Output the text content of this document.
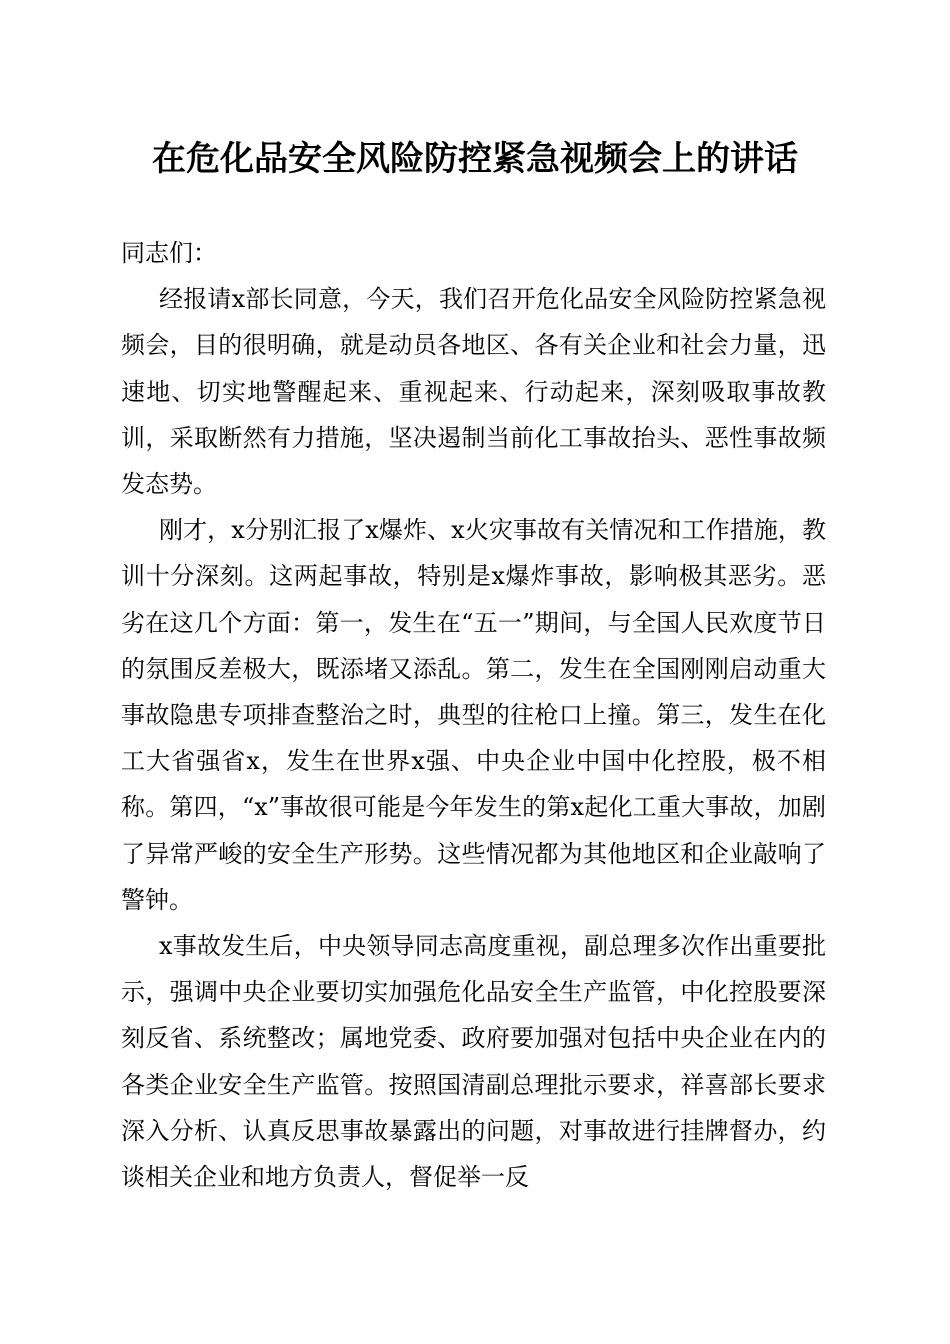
在危化品安全风险防控紧急视频会上的讲话

同志们：

经报请x部长同意，今天，我们召开危化品安全风险防控紧急视频会，目的很明确，就是动员各地区、各有关企业和社会力量，迅速地、切实地警醒起来、重视起来、行动起来，深刻吸取事故教训，采取断然有力措施，坚决遏制当前化工事故抬头、恶性事故频发态势。

刚才，x分别汇报了x爆炸、x火灾事故有关情况和工作措施，教训十分深刻。这两起事故，特别是x爆炸事故，影响极其恶劣。恶劣在这几个方面：第一，发生在“五一”期间，与全国人民欢度节日的氛围反差极大，既添堵又添乱。第二，发生在全国刚刚启动重大事故隐患专项排查整治之时，典型的往枪口上撞。第三，发生在化工大省强省x，发生在世界x强、中央企业中国中化控股，极不相称。第四，“x”事故很可能是今年发生的第x起化工重大事故，加剧了异常严峻的安全生产形势。这些情况都为其他地区和企业敲响了警钟。

x事故发生后，中央领导同志高度重视，副总理多次作出重要批示，强调中央企业要切实加强危化品安全生产监管，中化控股要深刻反省、系统整改；属地党委、政府要加强对包括中央企业在内的各类企业安全生产监管。按照国清副总理批示要求，祥喜部长要求深入分析、认真反思事故暴露出的问题，对事故进行挂牌督办，约谈相关企业和地方负责人，督促举一反
